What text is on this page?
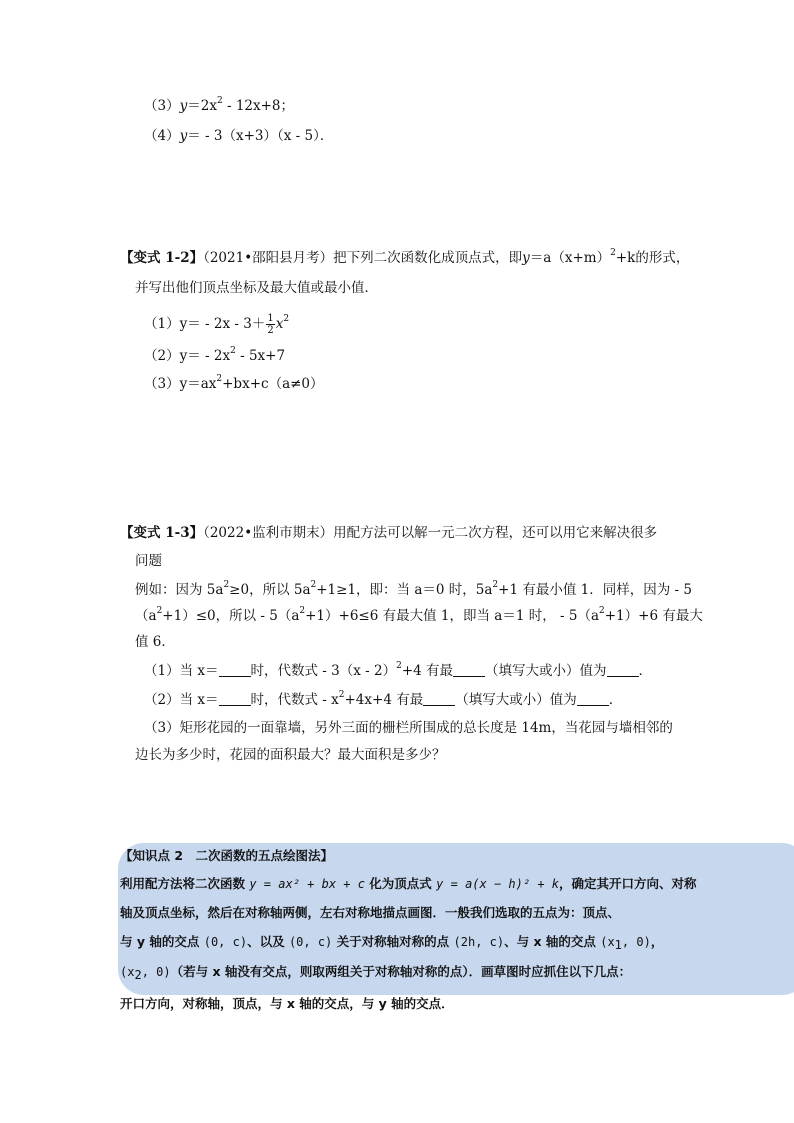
$(3)y=2x^2 - 12x+8$；
（4）y＝ - 3（x+3）（x - 5）．
【变式 1-2】（2021•邵阳县月考）把下列二次函数化成顶点式，即$y=a(x+m)^2+k$的形式，
并写出他们顶点坐标及最大值或最小值．
$(1)y= - 2x - 3+ \frac{1}{2} x^2$
$(2)y= - 2x^2 - 5x+7$
$(3)y=ax^2+bx+c(a\ne 0)$
【变式 1-3】（2022•监利市期末）用配方法可以解一元二次方程，还可以用它来解决很多
问题
例如：因为 $5a^2\ge 0$，所以 $5a^2+1\ge 1$，即：当 a＝0 时，$5a^2+1$ 有最小值 1．同样，因为 - 5
$(a^2+1)\le 0$，所以 - $5(a^2+1)+6\le 6$ 有最大值 1，即当 a＝1 时， - $5(a^2+1)+6$ 有最大
值 6．
（1）当 x＝ 时，代数式 - 3（x - 2）$^2$+4 有最 （填写大或小）值为 ．
（2）当 x＝ 时，代数式 - $x^2+4x+4$ 有最 （填写大或小）值为 ．
（3）矩形花园的一面靠墙，另外三面的栅栏所围成的总长度是 14m，当花园与墙相邻的
边长为多少时，花园的面积最大？最大面积是多少？
【知识点 2　二次函数的五点绘图法】
利用配方法将二次函数 y = ax² + bx + c 化为顶点式 y = a(x − h)² + k，确定其开口方向、对称
轴及顶点坐标，然后在对称轴两侧，左右对称地描点画图．一般我们选取的五点为：顶点、
与 y 轴的交点 (0, c)、以及 (0, c) 关于对称轴对称的点 (2h, c)、与 x 轴的交点 ($x_1$, 0)，
($x_2$, 0)（若与 x 轴没有交点，则取两组关于对称轴对称的点）．画草图时应抓住以下几点：
开口方向，对称轴，顶点，与 x 轴的交点，与 y 轴的交点．
